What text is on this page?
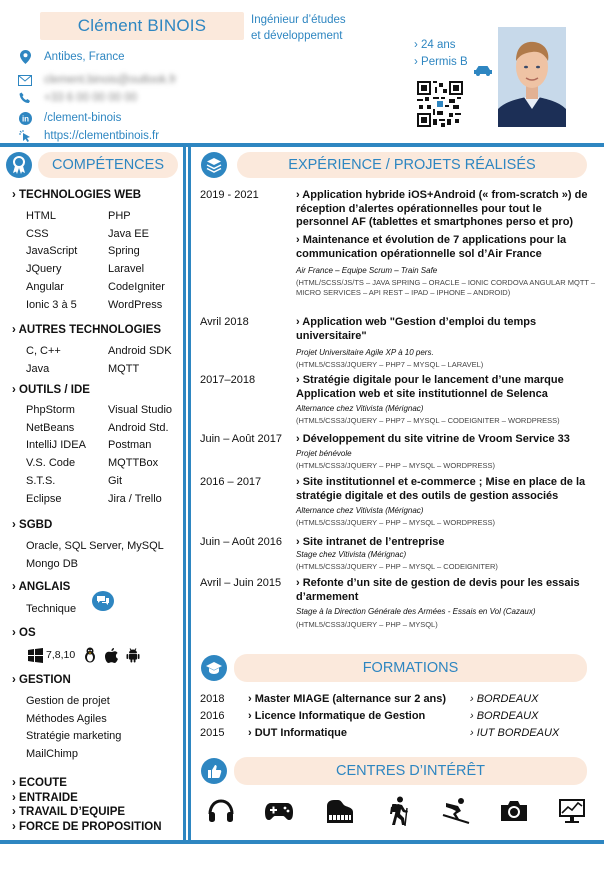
Clément BINOIS	Ingénieur d’études
et développement
Antibes, France
clement.binois@outlook.fr
+33 6 00 00 00 00
in /clement-binois
https://clementbinois.fr
› 24 ans
› Permis B
COMPÉTENCES
› TECHNOLOGIES WEB
HTML	PHP
CSS	Java EE
JavaScript	Spring
JQuery	Laravel
Angular	CodeIgniter
Ionic 3 à 5	WordPress
› AUTRES TECHNOLOGIES
C, C++	Android SDK
Java	MQTT
› OUTILS / IDE
PhpStorm	Visual Studio
NetBeans	Android Std.
IntelliJ IDEA	Postman
V.S. Code	MQTTBox
S.T.S.	Git
Eclipse	Jira / Trello
› SGBD
Oracle, SQL Server, MySQL
Mongo DB
› ANGLAIS
Technique
› OS
7,8,10
› GESTION
Gestion de projet
Méthodes Agiles
Stratégie marketing
MailChimp
› ECOUTE
› ENTRAIDE
› TRAVAIL D’EQUIPE
› FORCE DE PROPOSITION
EXPÉRIENCE / PROJETS RÉALISÉS
2019 - 2021	› Application hybride iOS+Android (« from-scratch ») de réception d’alertes opérationnelles pour tout le personnel AF (tablettes et smartphones perso et pro)
› Maintenance et évolution de 7 applications pour la communication opérationnelle sol d’Air France
Air France – Equipe Scrum – Train Safe
(HTML/SCSS/JS/TS – JAVA SPRING – ORACLE – IONIC CORDOVA ANGULAR MQTT – MICRO SERVICES – API REST – IPAD – IPHONE – ANDROID)
Avril 2018	› Application web "Gestion d’emploi du temps universitaire"
Projet Universitaire Agile XP à 10 pers.
(HTML5/CSS3/JQUERY – PHP7 – MYSQL – LARAVEL)
2017–2018	› Stratégie digitale pour le lancement d’une marque Application web et site institutionnel de Selenca
Alternance chez Vitivista (Mérignac)
(HTML5/CSS3/JQUERY – PHP7 – MYSQL – CODEIGNITER – WORDPRESS)
Juin – Août 2017 › Développement du site vitrine de Vroom Service 33
Projet bénévole
(HTML5/CSS3/JQUERY – PHP – MYSQL – WORDPRESS)
2016 – 2017	› Site institutionnel et e-commerce ; Mise en place de la stratégie digitale et des outils de gestion associés
Alternance chez Vitivista (Mérignac)
(HTML5/CSS3/JQUERY – PHP – MYSQL – WORDPRESS)
Juin – Août 2016 › Site intranet de l’entreprise
Stage chez Vitivista (Mérignac)
(HTML5/CSS3/JQUERY – PHP – MYSQL – CODEIGNITER)
Avril – Juin 2015 › Refonte d’un site de gestion de devis pour les essais d’armement
Stage à la Direction Générale des Armées - Essais en Vol (Cazaux)
(HTML5/CSS3/JQUERY – PHP – MYSQL)
FORMATIONS
2018	› Master MIAGE (alternance sur 2 ans)	› BORDEAUX
2016	› Licence Informatique de Gestion	› BORDEAUX
2015	› DUT Informatique	› IUT BORDEAUX
CENTRES D’INTÉRÊT
